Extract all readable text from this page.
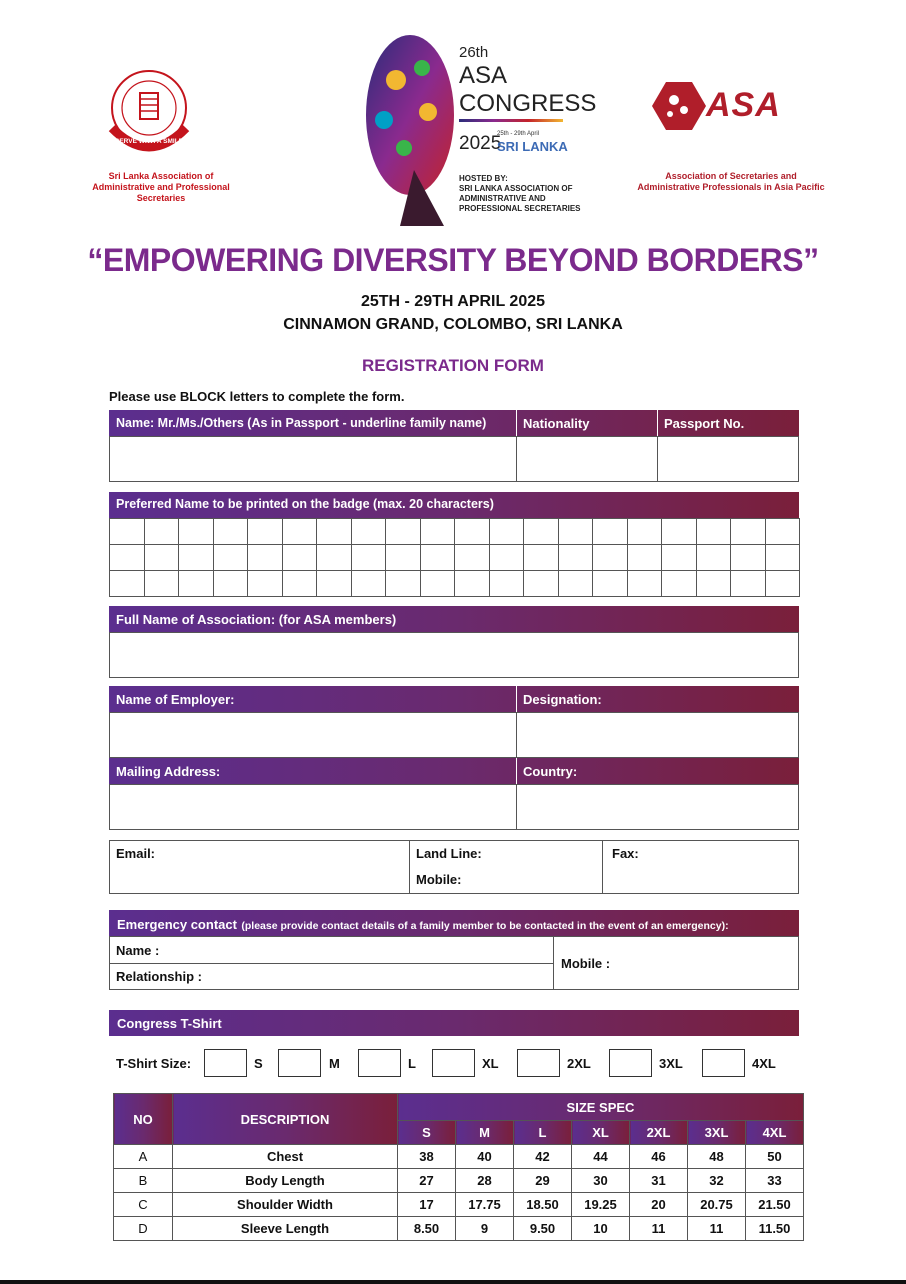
SERVE WITH A SMILE
Sri Lanka Association of Administrative and Professional Secretaries
26th
ASA
CONGRESS
2025
25th - 29th April
SRI LANKA
HOSTED BY:
SRI LANKA ASSOCIATION OF
ADMINISTRATIVE AND
PROFESSIONAL SECRETARIES
ASA
Association of Secretaries and Administrative Professionals in Asia Pacific
“EMPOWERING DIVERSITY BEYOND BORDERS”
25TH - 29TH APRIL 2025
CINNAMON GRAND, COLOMBO, SRI LANKA
REGISTRATION FORM
Please use BLOCK letters to complete the form.
Name: Mr./Ms./Others (As in Passport - underline family name)	Nationality	Passport No.
Preferred Name to be printed on the badge (max. 20 characters)

Full Name of Association: (for ASA members)
Name of Employer:	Designation:
Mailing Address:	Country:
Email:	Land Line:
Mobile:
Fax:
Emergency contact (please provide contact details of a family member to be contacted in the event of an emergency):
Name :
Relationship :
Mobile :
Congress T-Shirt
T-Shirt Size:	S	M	L	XL	2XL	3XL	4XL
NO	DESCRIPTION	SIZE SPEC						
		S	M	L	XL	2XL	3XL	4XL
A	Chest	38	40	42	44	46	48	50
B	Body Length	27	28	29	30	31	32	33
C	Shoulder Width	17	17.75	18.50	19.25	20	20.75	21.50
D	Sleeve Length	8.50	9	9.50	10	11	11	11.50
